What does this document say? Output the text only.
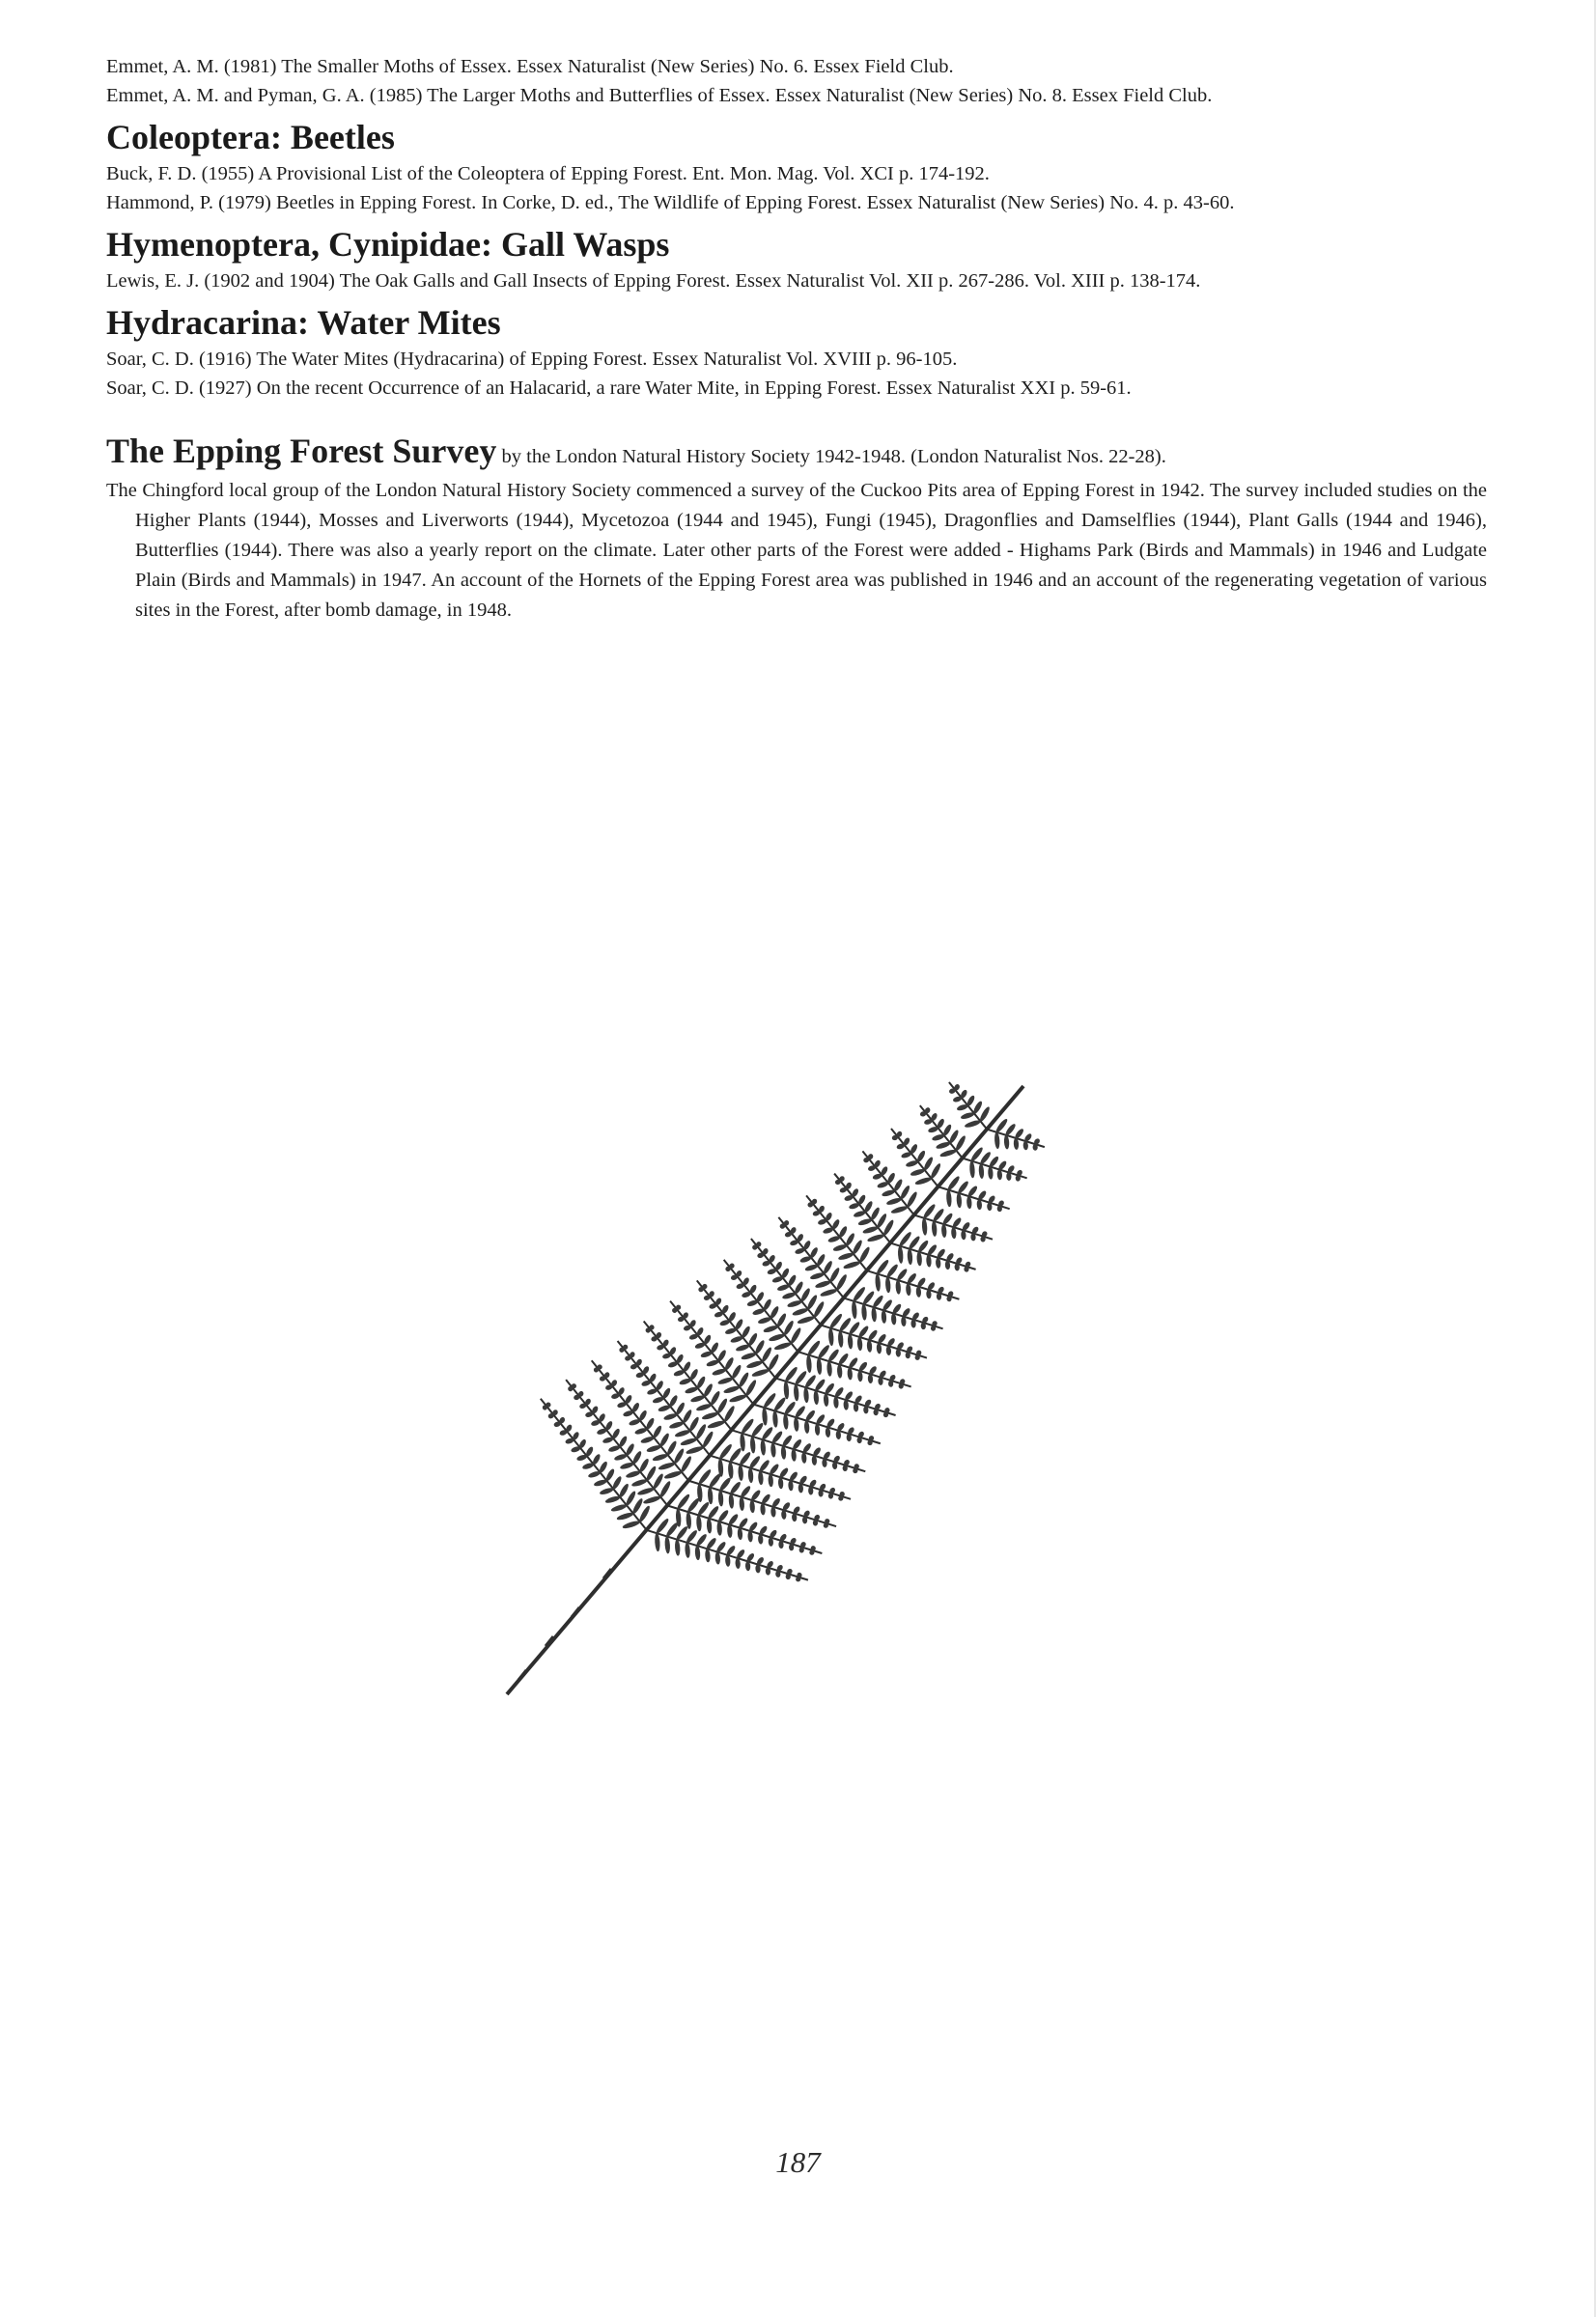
Emmet, A. M. (1981) The Smaller Moths of Essex. Essex Naturalist (New Series) No. 6. Essex Field Club.

Emmet, A. M. and Pyman, G. A. (1985) The Larger Moths and Butterflies of Essex. Essex Naturalist (New Series) No. 8. Essex Field Club.

Coleoptera: Beetles

Buck, F. D. (1955) A Provisional List of the Coleoptera of Epping Forest. Ent. Mon. Mag. Vol. XCI p. 174-192.

Hammond, P. (1979) Beetles in Epping Forest. In Corke, D. ed., The Wildlife of Epping Forest. Essex Naturalist (New Series) No. 4. p. 43-60.

Hymenoptera, Cynipidae: Gall Wasps

Lewis, E. J. (1902 and 1904) The Oak Galls and Gall Insects of Epping Forest. Essex Naturalist Vol. XII p. 267-286. Vol. XIII p. 138-174.

Hydracarina: Water Mites

Soar, C. D. (1916) The Water Mites (Hydracarina) of Epping Forest. Essex Naturalist Vol. XVIII p. 96-105.

Soar, C. D. (1927) On the recent Occurrence of an Halacarid, a rare Water Mite, in Epping Forest. Essex Naturalist XXI p. 59-61.

The Epping Forest Survey by the London Natural History Society 1942-1948. (London Naturalist Nos. 22-28).

The Chingford local group of the London Natural History Society commenced a survey of the Cuckoo Pits area of Epping Forest in 1942. The survey included studies on the Higher Plants (1944), Mosses and Liverworts (1944), Mycetozoa (1944 and 1945), Fungi (1945), Dragonflies and Damselflies (1944), Plant Galls (1944 and 1946), Butterflies (1944). There was also a yearly report on the climate. Later other parts of the Forest were added - Highams Park (Birds and Mammals) in 1946 and Ludgate Plain (Birds and Mammals) in 1947. An account of the Hornets of the Epping Forest area was published in 1946 and an account of the regenerating vegetation of various sites in the Forest, after bomb damage, in 1948.

187
